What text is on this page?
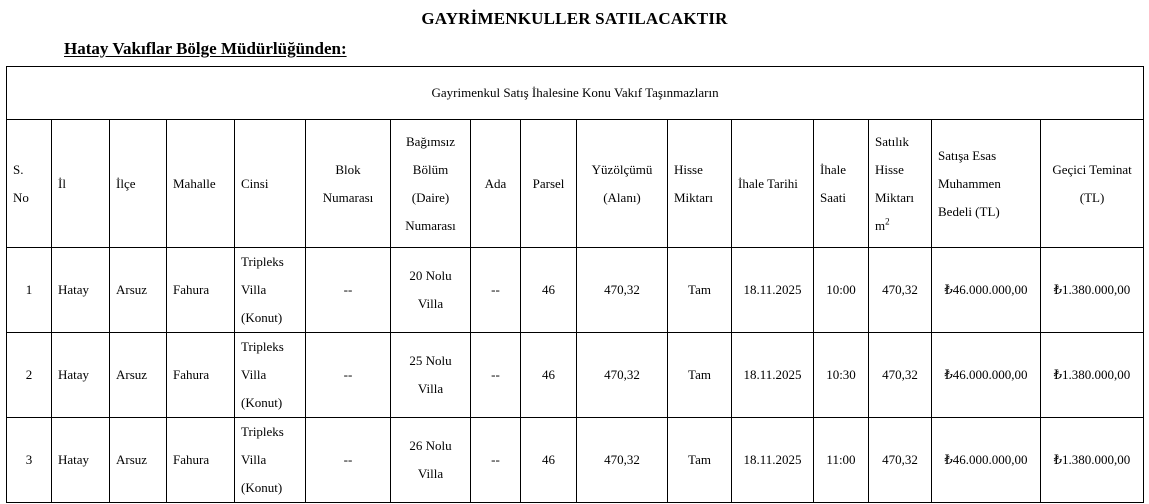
GAYRİMENKULLER SATILACAKTIR
Hatay Vakıflar Bölge Müdürlüğünden:
Gayrimenkul Satış İhalesine Konu Vakıf Taşınmazların															

S.
No	İl	İlçe	Mahalle	Cinsi	Blok
Numarası	Bağımsız
Bölüm
(Daire)
Numarası	Ada	Parsel	Yüzölçümü
(Alanı)	Hisse
Miktarı	İhale Tarihi	İhale
Saati	Satılık
Hisse
Miktarı
$m^2$	Satışa Esas
Muhammen
Bedeli (TL)	Geçici Teminat
(TL)

1	Hatay	Arsuz	Fahura	Tripleks
Villa
(Konut)	--	20 Nolu
Villa	--	46	470,32	Tam	18.11.2025	10:00	470,32	₺46.000.000,00	₺1.380.000,00
2	Hatay	Arsuz	Fahura	Tripleks
Villa
(Konut)	--	25 Nolu
Villa	--	46	470,32	Tam	18.11.2025	10:30	470,32	₺46.000.000,00	₺1.380.000,00
3	Hatay	Arsuz	Fahura	Tripleks
Villa
(Konut)	--	26 Nolu
Villa	--	46	470,32	Tam	18.11.2025	11:00	470,32	₺46.000.000,00	₺1.380.000,00
